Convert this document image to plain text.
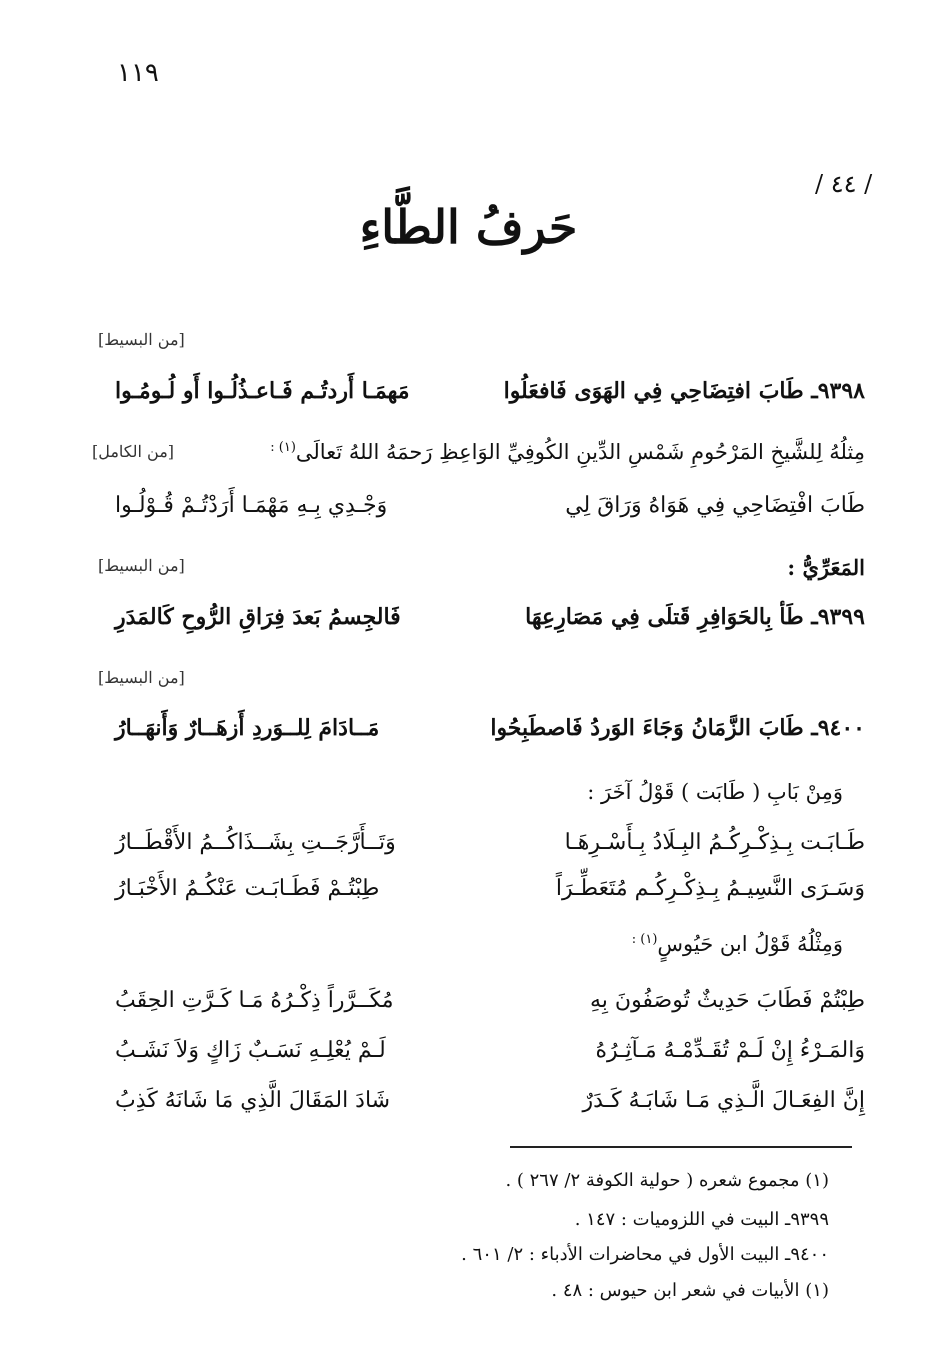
١١٩
/ ٤٤ /
حَرفُ الطَّاءِ
[من البسيط]
٩٣٩٨ـ طَابَ افتِضَاحِي فِي الهَوَى فَافعَلُوا
مَهمَـا أَردتُـم فَـاعـذُلُـوا أَو لُـومُـوا
مِثلُهُ لِلشَّيخِ المَرْحُومِ شَمْسِ الدِّينِ الكُوفِيِّ الوَاعِظِ رَحمَهُ اللهُ تَعالَى$^{(١) :}$
[من الكامل]
طَابَ افْتِضَاحِي فِي هَوَاهُ وَرَاقَ لِي
وَجْـدِي بِـهِ مَهْمَـا أَرَدْتُـمْ قُـوْلُـوا
المَعَرِّيُّ :
[من البسيط]
٩٣٩٩ـ طَأ بِالحَوَافِرِ قَتلَى فِي مَصَارِعِهَا
فَالجِسمُ بَعدَ فِرَاقِ الرُّوحِ كَالمَدَرِ
[من البسيط]
٩٤٠٠ـ طَابَ الزَّمَانُ وَجَاءَ الوَردُ فَاصطَبِحُوا
مَــادَامَ لِلــوَردِ أَزهَــارٌ وَأَنهَــارُ
وَمِنْ بَابِ ( طَابَت ) قَوْلُ آخَرَ :
طَـابَـت بِـذِكْـرِكُـمُ البِـلَادُ بِـأَسْـرِهَـا
وَتَــأَرَّجَــتِ بِشَــذَاكُــمُ الأَقْطَــارُ
وَسَـرَى النَّسِيـمُ بِـذِكْـرِكُـم مُتَعَطِّـرَاً
طِبْتُـمْ فَطَـابَـت عَنْكُـمُ الأَخْبَـارُ
وَمِثْلُهُ قَوْلُ ابن حَيُوسٍ$^{(١) :}$
طِبْتُمْ فَطَابَ حَدِيثٌ تُوصَفُونَ بِهِ
مُكَــرَّراً ذِكْـرُهُ مَـا كَـرَّتِ الحِقَبُ
وَالمَـرْءُ إِنْ لَـمْ تُقَـدِّمْـهُ مَـآثِـرُهُ
لَـمْ يُعْلِـهِ نَسَـبٌ زَاكٍ وَلاَ نَشَـبُ
إِنَّ الفِعَـالَ الَّـذِي مَـا شَابَـهُ كَـدَرٌ
شَادَ المَقَالَ الَّذِي مَا شَانَهُ كَذِبُ
(١) مجموع شعره ( حولية الكوفة ٢/ ٢٦٧ ) .
٩٣٩٩ـ البيت في اللزوميات : ١٤٧ .
٩٤٠٠ـ البيت الأول في محاضرات الأدباء : ٢/ ٦٠١ .
(١) الأبيات في شعر ابن حيوس : ٤٨ .
